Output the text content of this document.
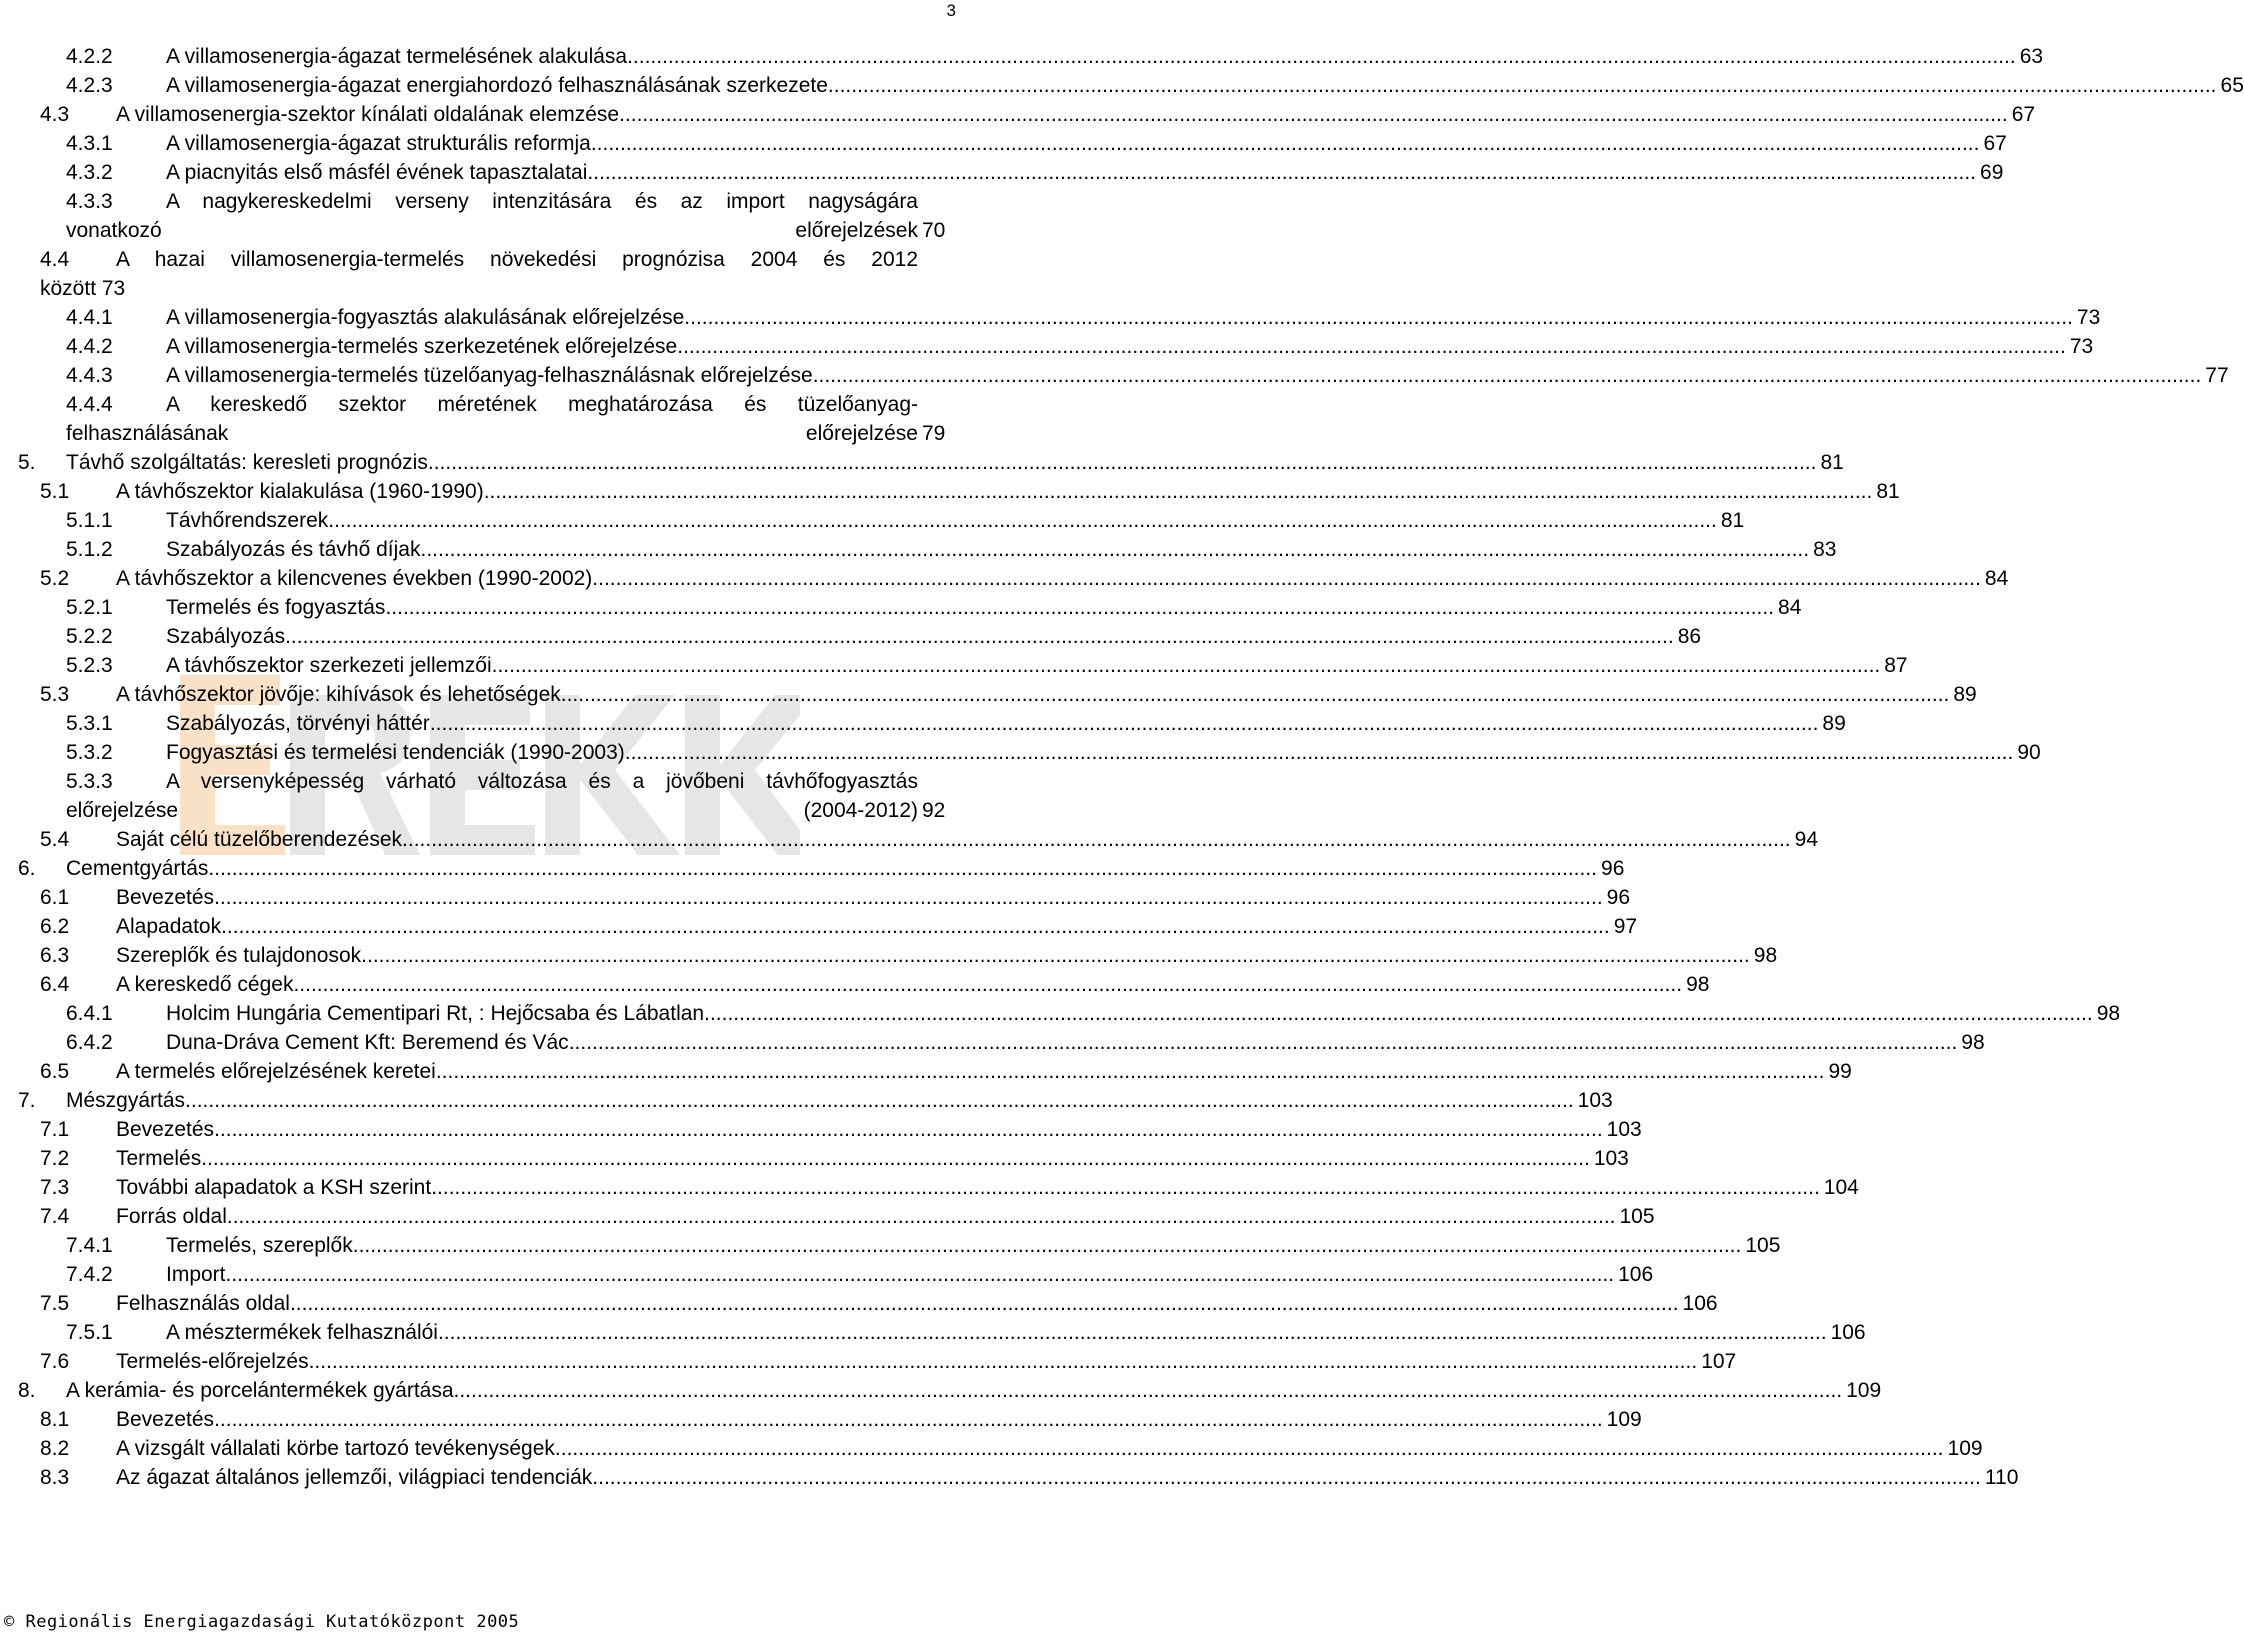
3
4.2.2	A villamosenergia-ágazat termelésének alakulása .............................................................................................................................................................................................................................................. 63
4.2.3	A villamosenergia-ágazat energiahordozó felhasználásának szerkezete .............................................................................................................................................................................................................................................. 65
4.3 A villamosenergia-szektor kínálati oldalának elemzése .............................................................................................................................................................................................................................................. 67
4.3.1	A villamosenergia-ágazat strukturális reformja .............................................................................................................................................................................................................................................. 67
4.3.2	A piacnyitás első másfél évének tapasztalatai .............................................................................................................................................................................................................................................. 69
4.3.3	A nagykereskedelmi verseny intenzitására és az import nagyságára
vonatkozó előrejelzések 70
4.4 A hazai villamosenergia-termelés növekedési prognózisa 2004 és 2012
között 73
4.4.1	A villamosenergia-fogyasztás alakulásának előrejelzése .............................................................................................................................................................................................................................................. 73
4.4.2	A villamosenergia-termelés szerkezetének előrejelzése .............................................................................................................................................................................................................................................. 73
4.4.3	A villamosenergia-termelés tüzelőanyag-felhasználásnak előrejelzése .............................................................................................................................................................................................................................................. 77
4.4.4	A kereskedő szektor méretének meghatározása és tüzelőanyag-
felhasználásának előrejelzése 79
5. Távhő szolgáltatás: keresleti prognózis .............................................................................................................................................................................................................................................. 81
5.1 A távhőszektor kialakulása (1960-1990) .............................................................................................................................................................................................................................................. 81
5.1.1	Távhőrendszerek .............................................................................................................................................................................................................................................. 81
5.1.2	Szabályozás és távhő díjak .............................................................................................................................................................................................................................................. 83
5.2 A távhőszektor a kilencvenes években (1990-2002) .............................................................................................................................................................................................................................................. 84
5.2.1	Termelés és fogyasztás .............................................................................................................................................................................................................................................. 84
5.2.2	Szabályozás .............................................................................................................................................................................................................................................. 86
5.2.3	A távhőszektor szerkezeti jellemzői .............................................................................................................................................................................................................................................. 87
5.3 A távhőszektor jövője: kihívások és lehetőségek .............................................................................................................................................................................................................................................. 89
5.3.1	Szabályozás, törvényi háttér .............................................................................................................................................................................................................................................. 89
5.3.2	Fogyasztási és termelési tendenciák (1990-2003) .............................................................................................................................................................................................................................................. 90
5.3.3	A versenyképesség várható változása és a jövőbeni távhőfogyasztás
előrejelzése (2004-2012) 92
5.4 Saját célú tüzelőberendezések .............................................................................................................................................................................................................................................. 94
6. Cementgyártás .............................................................................................................................................................................................................................................. 96
6.1 Bevezetés .............................................................................................................................................................................................................................................. 96
6.2 Alapadatok .............................................................................................................................................................................................................................................. 97
6.3 Szereplők és tulajdonosok .............................................................................................................................................................................................................................................. 98
6.4 A kereskedő cégek .............................................................................................................................................................................................................................................. 98
6.4.1	Holcim Hungária Cementipari Rt, : Hejőcsaba és Lábatlan .............................................................................................................................................................................................................................................. 98
6.4.2	Duna-Dráva Cement Kft: Beremend és Vác .............................................................................................................................................................................................................................................. 98
6.5 A termelés előrejelzésének keretei .............................................................................................................................................................................................................................................. 99
7. Mészgyártás .............................................................................................................................................................................................................................................. 103
7.1 Bevezetés .............................................................................................................................................................................................................................................. 103
7.2 Termelés .............................................................................................................................................................................................................................................. 103
7.3 További alapadatok a KSH szerint .............................................................................................................................................................................................................................................. 104
7.4 Forrás oldal .............................................................................................................................................................................................................................................. 105
7.4.1	Termelés, szereplők .............................................................................................................................................................................................................................................. 105
7.4.2	Import .............................................................................................................................................................................................................................................. 106
7.5 Felhasználás oldal .............................................................................................................................................................................................................................................. 106
7.5.1	A mésztermékek felhasználói .............................................................................................................................................................................................................................................. 106
7.6 Termelés-előrejelzés .............................................................................................................................................................................................................................................. 107
8. A kerámia- és porcelántermékek gyártása .............................................................................................................................................................................................................................................. 109
8.1 Bevezetés .............................................................................................................................................................................................................................................. 109
8.2 A vizsgált vállalati körbe tartozó tevékenységek .............................................................................................................................................................................................................................................. 109
8.3 Az ágazat általános jellemzői, világpiaci tendenciák .............................................................................................................................................................................................................................................. 110
© Regionális Energiagazdasági Kutatóközpont 2005
